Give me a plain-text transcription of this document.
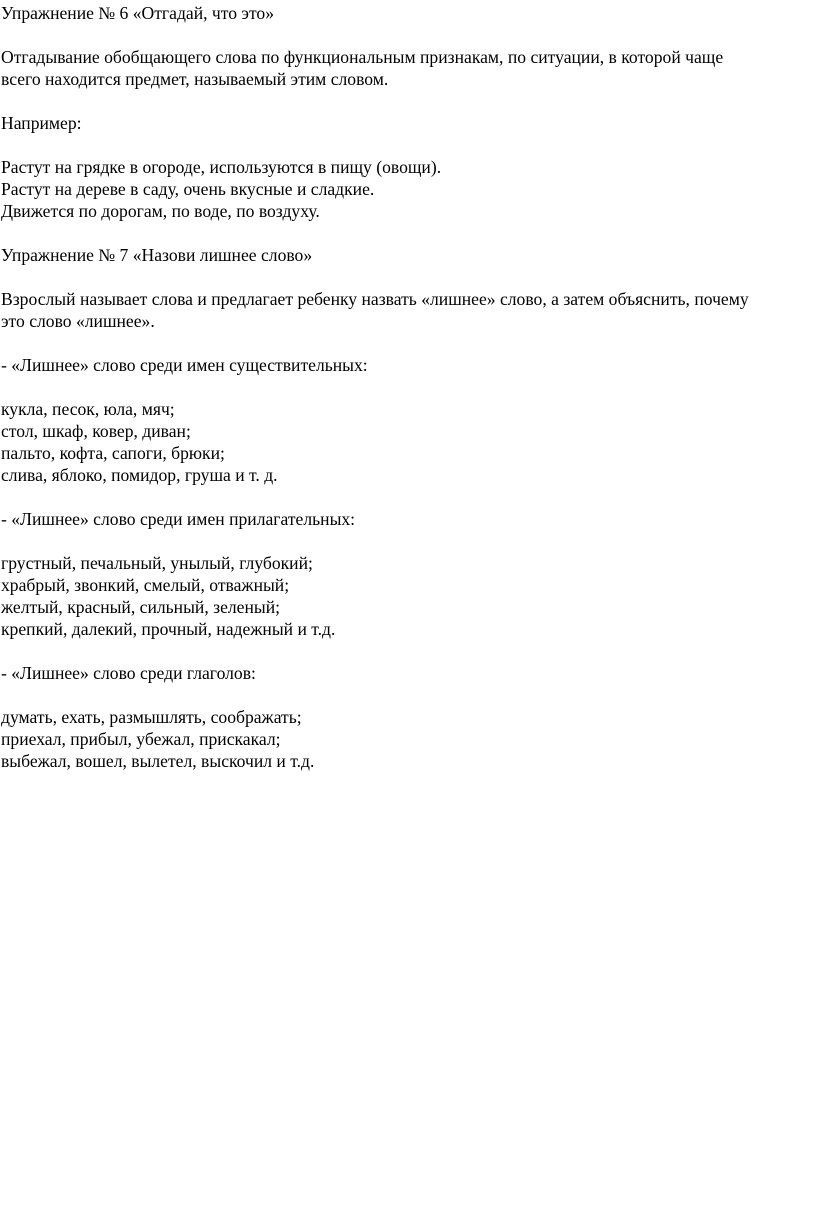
Упражнение № 6 «Отгадай, что это»

Отгадывание обобщающего слова по функциональным признакам, по ситуации, в которой чаще
всего находится предмет, называемый этим словом.

Например:

Растут на грядке в огороде, используются в пищу (овощи).
Растут на дереве в саду, очень вкусные и сладкие.
Движется по дорогам, по воде, по воздуху.

Упражнение № 7 «Назови лишнее слово»

Взрослый называет слова и предлагает ребенку назвать «лишнее» слово, а затем объяснить, почему
это слово «лишнее».

- «Лишнее» слово среди имен существительных:

кукла, песок, юла, мяч;
стол, шкаф, ковер, диван;
пальто, кофта, сапоги, брюки;
слива, яблоко, помидор, груша и т. д.

- «Лишнее» слово среди имен прилагательных:

грустный, печальный, унылый, глубокий;
храбрый, звонкий, смелый, отважный;
желтый, красный, сильный, зеленый;
крепкий, далекий, прочный, надежный и т.д.

- «Лишнее» слово среди глаголов:

думать, ехать, размышлять, соображать;
приехал, прибыл, убежал, прискакал;
выбежал, вошел, вылетел, выскочил и т.д.
